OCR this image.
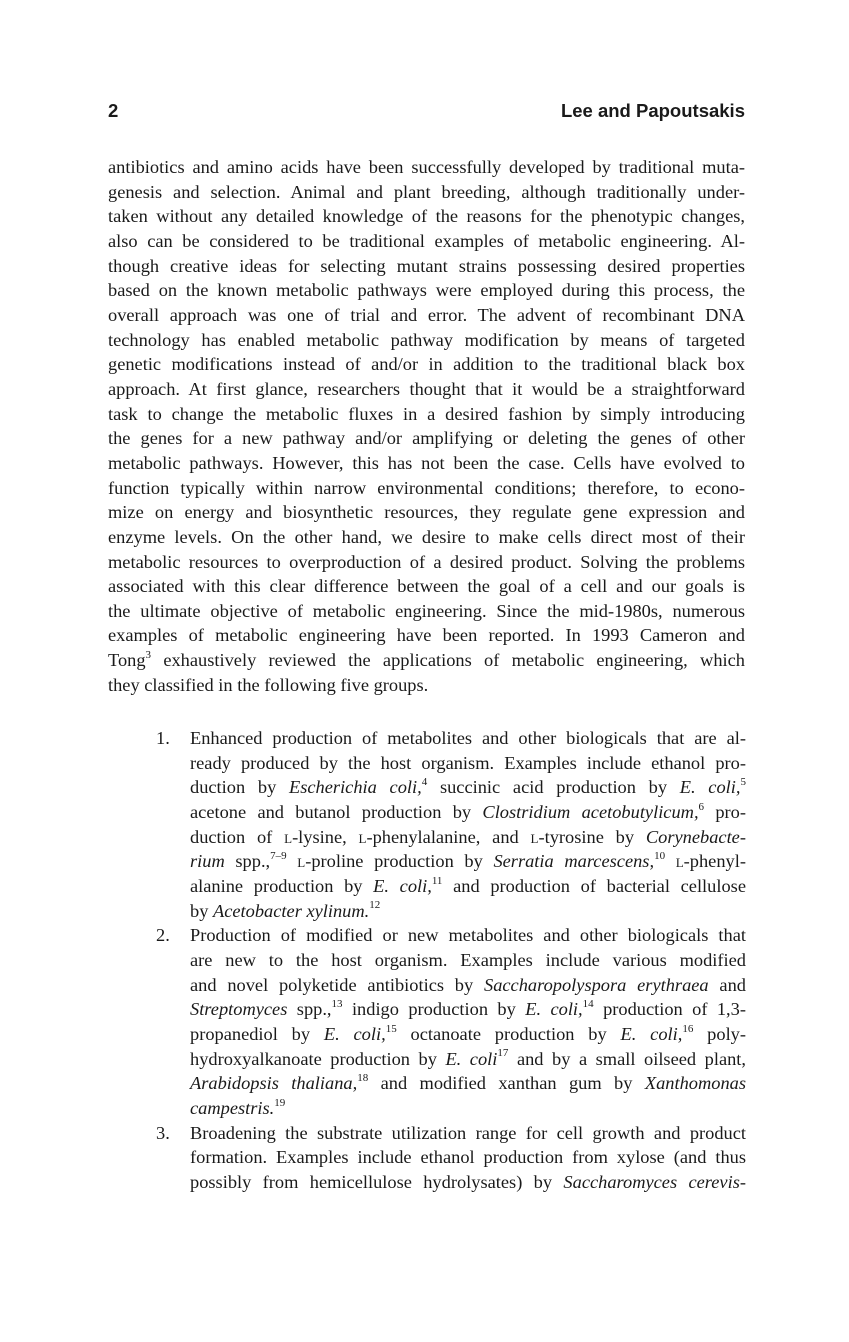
2	Lee and Papoutsakis
antibiotics and amino acids have been successfully developed by traditional muta-
genesis and selection. Animal and plant breeding, although traditionally under-
taken without any detailed knowledge of the reasons for the phenotypic changes,
also can be considered to be traditional examples of metabolic engineering. Al-
though creative ideas for selecting mutant strains possessing desired properties
based on the known metabolic pathways were employed during this process, the
overall approach was one of trial and error. The advent of recombinant DNA
technology has enabled metabolic pathway modification by means of targeted
genetic modifications instead of and/or in addition to the traditional black box
approach. At first glance, researchers thought that it would be a straightforward
task to change the metabolic fluxes in a desired fashion by simply introducing
the genes for a new pathway and/or amplifying or deleting the genes of other
metabolic pathways. However, this has not been the case. Cells have evolved to
function typically within narrow environmental conditions; therefore, to econo-
mize on energy and biosynthetic resources, they regulate gene expression and
enzyme levels. On the other hand, we desire to make cells direct most of their
metabolic resources to overproduction of a desired product. Solving the problems
associated with this clear difference between the goal of a cell and our goals is
the ultimate objective of metabolic engineering. Since the mid-1980s, numerous
examples of metabolic engineering have been reported. In 1993 Cameron and
Tong$^3$ exhaustively reviewed the applications of metabolic engineering, which
they classified in the following five groups.
1. Enhanced production of metabolites and other biologicals that are al-
ready produced by the host organism. Examples include ethanol pro-
duction by Escherichia coli,$^4$ succinic acid production by E. coli,$^5$
acetone and butanol production by Clostridium acetobutylicum,$^6$ pro-
duction of l-lysine, l-phenylalanine, and l-tyrosine by Corynebacte-
rium spp.,$^{7-9}$ l-proline production by Serratia marcescens,$^{10}$ l-phenyl-
alanine production by E. coli,$^{11}$ and production of bacterial cellulose
by Acetobacter xylinum.$^{12}$
2. Production of modified or new metabolites and other biologicals that
are new to the host organism. Examples include various modified
and novel polyketide antibiotics by Saccharopolyspora erythraea and
Streptomyces spp.,$^{13}$ indigo production by E. coli,$^{14}$ production of 1,3-
propanediol by E. coli,$^{15}$ octanoate production by E. coli,$^{16}$ poly-
hydroxyalkanoate production by E. coli$^{17}$ and by a small oilseed plant,
Arabidopsis thaliana,$^{18}$ and modified xanthan gum by Xanthomonas
campestris.$^{19}$
3. Broadening the substrate utilization range for cell growth and product
formation. Examples include ethanol production from xylose (and thus
possibly from hemicellulose hydrolysates) by Saccharomyces cerevis-
